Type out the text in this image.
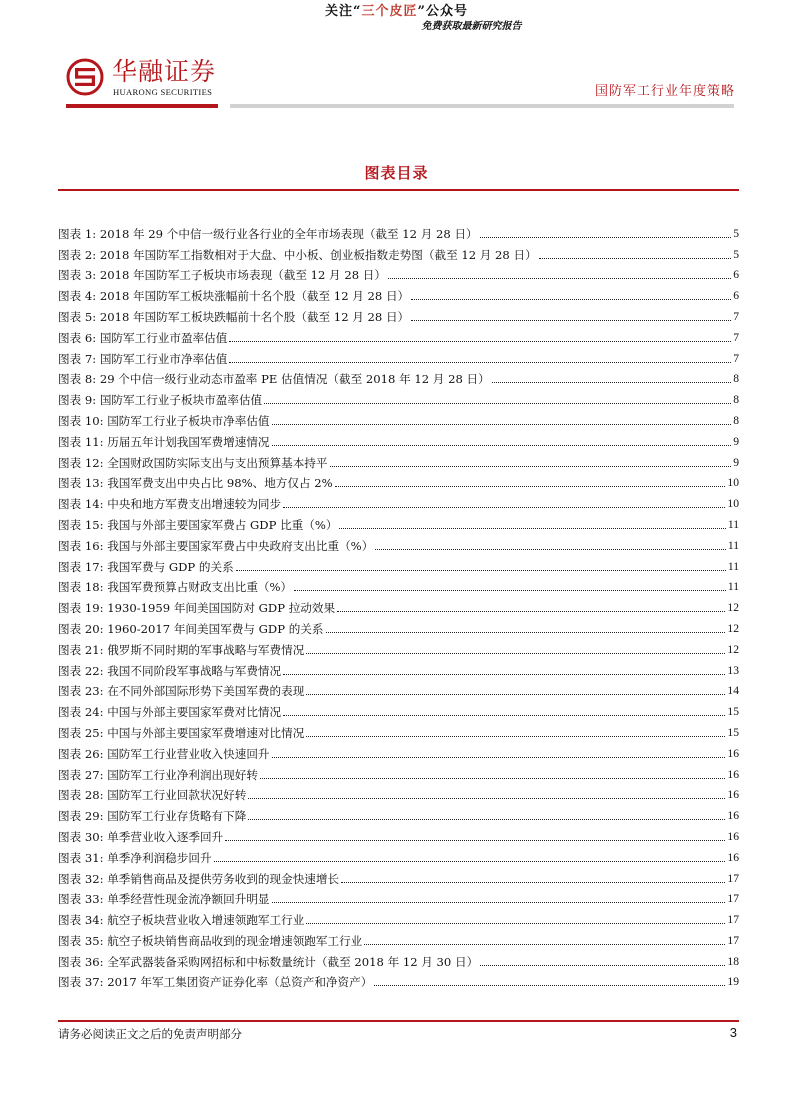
关注“三个皮匠”公众号
免费获取最新研究报告
华融证券
HUARONG SECURITIES	国防军工行业年度策略
图表目录
图表 1: 2018 年 29 个中信一级行业各行业的全年市场表现（截至 12 月 28 日）	5
图表 2: 2018 年国防军工指数相对于大盘、中小板、创业板指数走势图（截至 12 月 28 日）	5
图表 3: 2018 年国防军工子板块市场表现（截至 12 月 28 日）	6
图表 4: 2018 年国防军工板块涨幅前十名个股（截至 12 月 28 日）	6
图表 5: 2018 年国防军工板块跌幅前十名个股（截至 12 月 28 日）	7
图表 6: 国防军工行业市盈率估值	7
图表 7: 国防军工行业市净率估值	7
图表 8: 29 个中信一级行业动态市盈率 PE 估值情况（截至 2018 年 12 月 28 日）	8
图表 9: 国防军工行业子板块市盈率估值	8
图表 10: 国防军工行业子板块市净率估值	8
图表 11: 历届五年计划我国军费增速情况	9
图表 12: 全国财政国防实际支出与支出预算基本持平	9
图表 13: 我国军费支出中央占比 98%、地方仅占 2%	10
图表 14: 中央和地方军费支出增速较为同步	10
图表 15: 我国与外部主要国家军费占 GDP 比重（%）	11
图表 16: 我国与外部主要国家军费占中央政府支出比重（%）	11
图表 17: 我国军费与 GDP 的关系	11
图表 18: 我国军费预算占财政支出比重（%）	11
图表 19: 1930-1959 年间美国国防对 GDP 拉动效果	12
图表 20: 1960-2017 年间美国军费与 GDP 的关系	12
图表 21: 俄罗斯不同时期的军事战略与军费情况	12
图表 22: 我国不同阶段军事战略与军费情况	13
图表 23: 在不同外部国际形势下美国军费的表现	14
图表 24: 中国与外部主要国家军费对比情况	15
图表 25: 中国与外部主要国家军费增速对比情况	15
图表 26: 国防军工行业营业收入快速回升	16
图表 27: 国防军工行业净利润出现好转	16
图表 28: 国防军工行业回款状况好转	16
图表 29: 国防军工行业存货略有下降	16
图表 30: 单季营业收入逐季回升	16
图表 31: 单季净利润稳步回升	16
图表 32: 单季销售商品及提供劳务收到的现金快速增长	17
图表 33: 单季经营性现金流净额回升明显	17
图表 34: 航空子板块营业收入增速领跑军工行业	17
图表 35: 航空子板块销售商品收到的现金增速领跑军工行业	17
图表 36: 全军武器装备采购网招标和中标数量统计（截至 2018 年 12 月 30 日）	18
图表 37: 2017 年军工集团资产证券化率（总资产和净资产）	19
请务必阅读正文之后的免责声明部分	3
